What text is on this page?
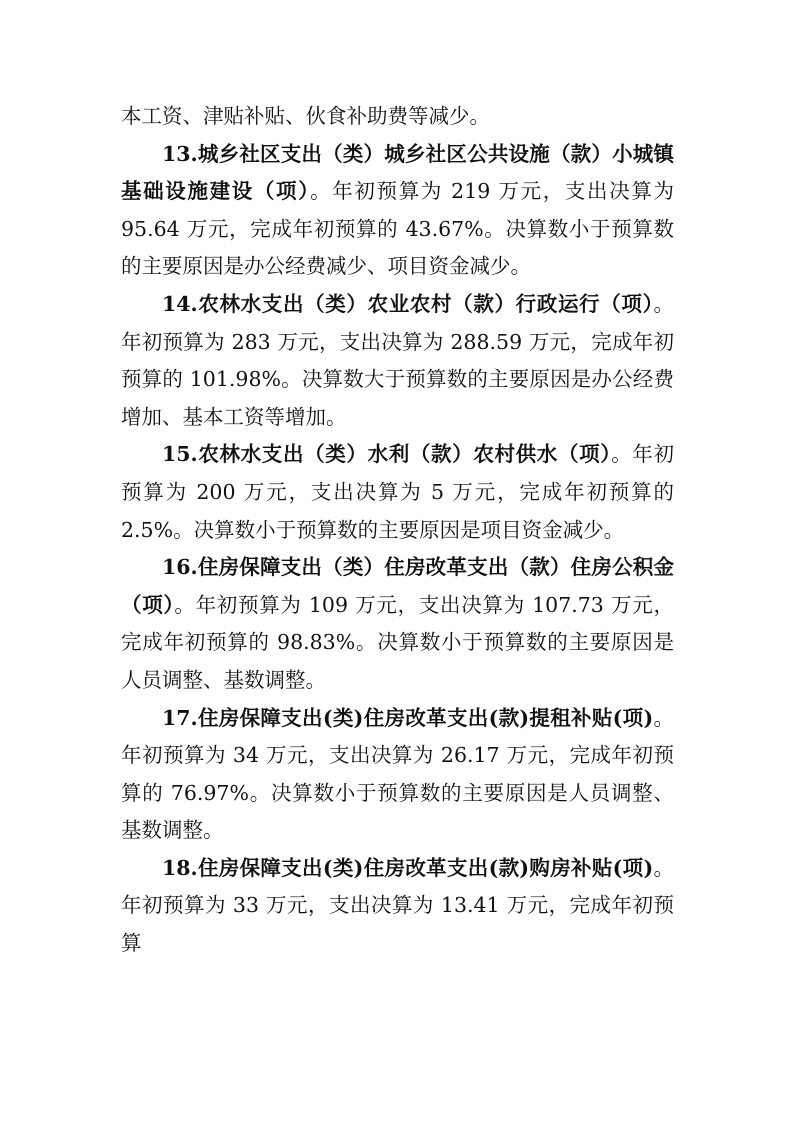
本工资、津贴补贴、伙食补助费等减少。

13.城乡社区支出（类）城乡社区公共设施（款）小城镇基础设施建设（项）。年初预算为 219 万元，支出决算为 95.64 万元，完成年初预算的 43.67%。决算数小于预算数的主要原因是办公经费减少、项目资金减少。

14.农林水支出（类）农业农村（款）行政运行（项）。年初预算为 283 万元，支出决算为 288.59 万元，完成年初预算的 101.98%。决算数大于预算数的主要原因是办公经费增加、基本工资等增加。

15.农林水支出（类）水利（款）农村供水（项）。年初预算为 200 万元，支出决算为 5 万元，完成年初预算的 2.5%。决算数小于预算数的主要原因是项目资金减少。

16.住房保障支出（类）住房改革支出（款）住房公积金（项）。年初预算为 109 万元，支出决算为 107.73 万元，完成年初预算的 98.83%。决算数小于预算数的主要原因是人员调整、基数调整。

17.住房保障支出(类)住房改革支出(款)提租补贴(项)。年初预算为 34 万元，支出决算为 26.17 万元，完成年初预算的 76.97%。决算数小于预算数的主要原因是人员调整、基数调整。

18.住房保障支出(类)住房改革支出(款)购房补贴(项)。年初预算为 33 万元，支出决算为 13.41 万元，完成年初预算
